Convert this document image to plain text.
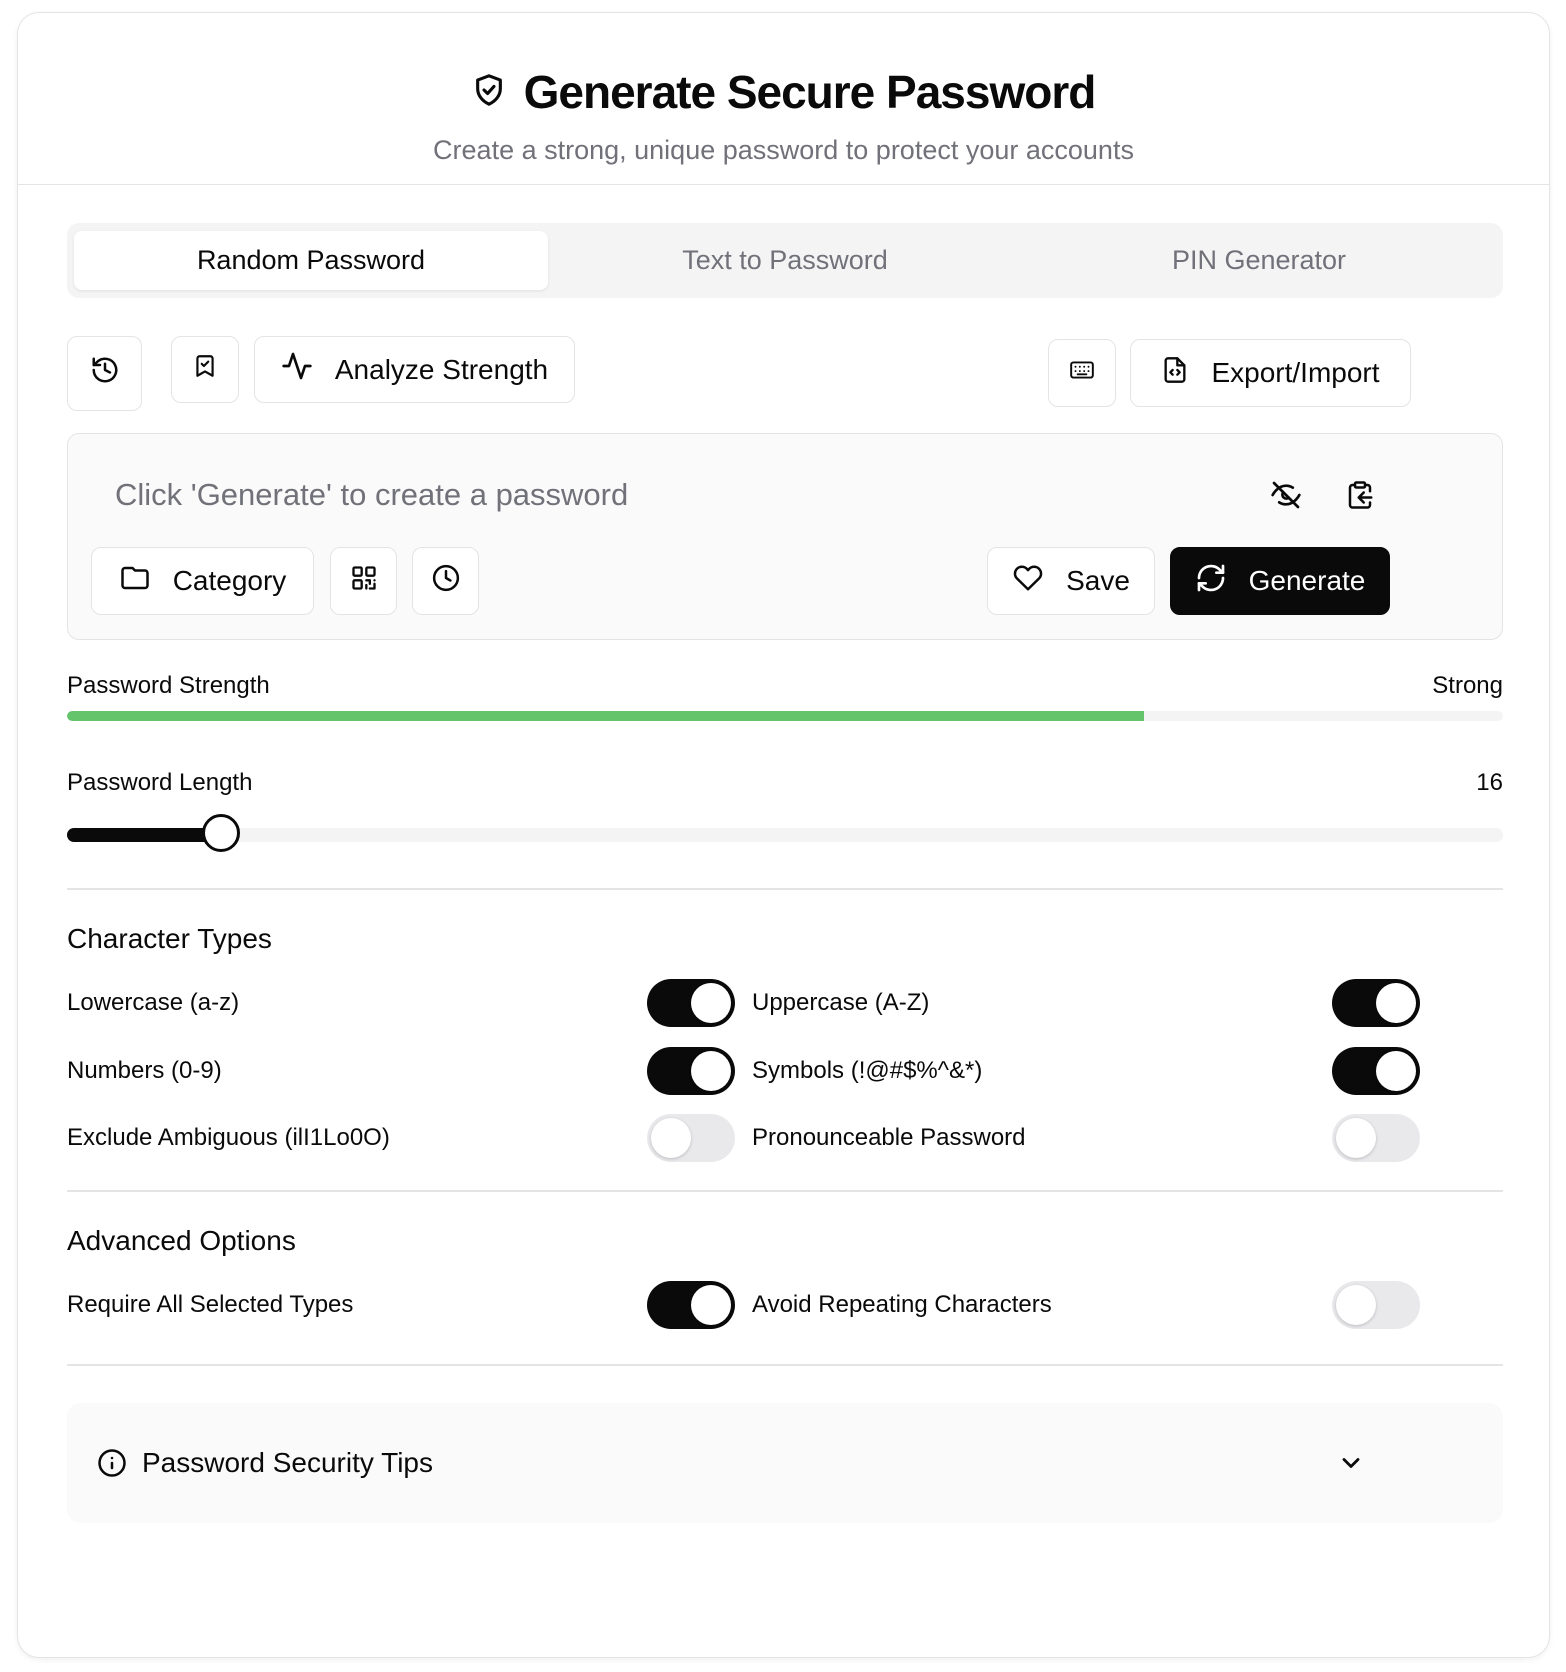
Generate Secure Password
Create a strong, unique password to protect your accounts
Random Password	Text to Password	PIN Generator
Analyze Strength	Export/Import
Click 'Generate' to create a password
Category	Save	Generate
Password Strength	Strong
Password Length	16
Character Types
Lowercase (a-z)	Uppercase (A-Z)
Numbers (0-9)	Symbols (!@#$%^&*)
Exclude Ambiguous (ilI1Lo0O)	Pronounceable Password
Advanced Options
Require All Selected Types	Avoid Repeating Characters
Password Security Tips
